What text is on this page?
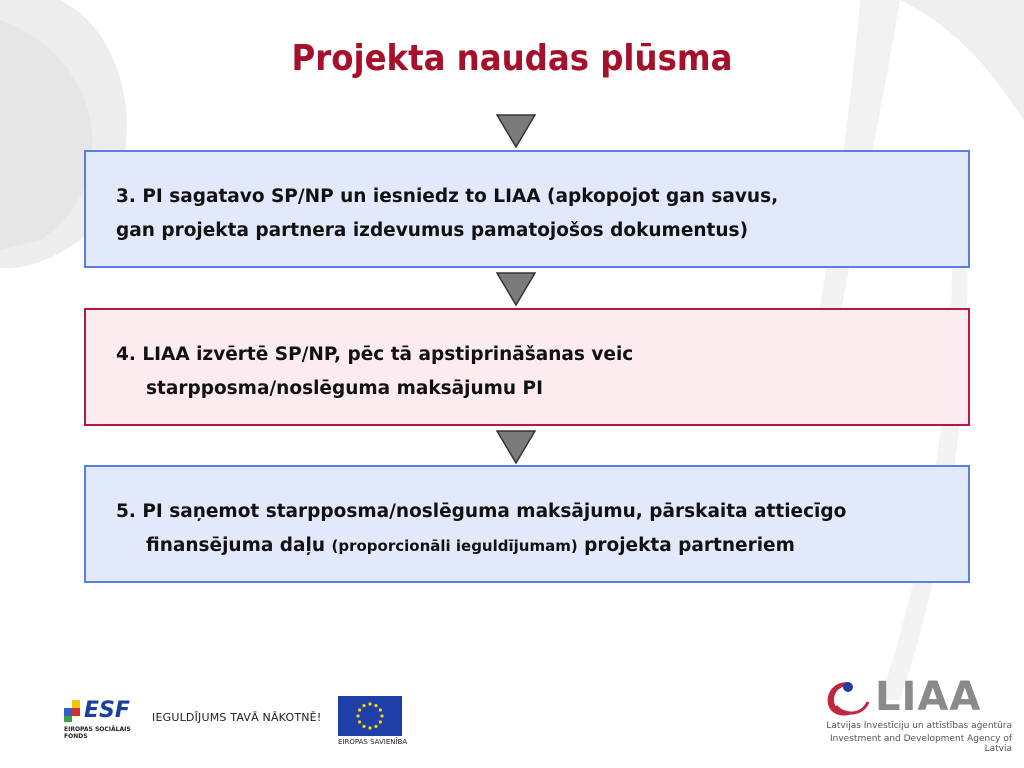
Projekta naudas plūsma
3. PI sagatavo SP/NP un iesniedz to LIAA (apkopojot gan savus,
gan projekta partnera izdevumus pamatojošos dokumentus)
4. LIAA izvērtē SP/NP, pēc tā apstiprināšanas veic
starpposma/noslēguma maksājumu PI
5. PI saņemot starpposma/noslēguma maksājumu, pārskaita attiecīgo
finansējuma daļu (proporcionāli ieguldījumam) projekta partneriem
ESF
EIROPAS SOCIĀLAIS FONDS
IEGULDĪJUMS TAVĀ NĀKOTNĒ!
EIROPAS SAVIENĪBA
LIAA
Latvijas Investīciju un attīstības aģentūra
Investment and Development Agency of Latvia
